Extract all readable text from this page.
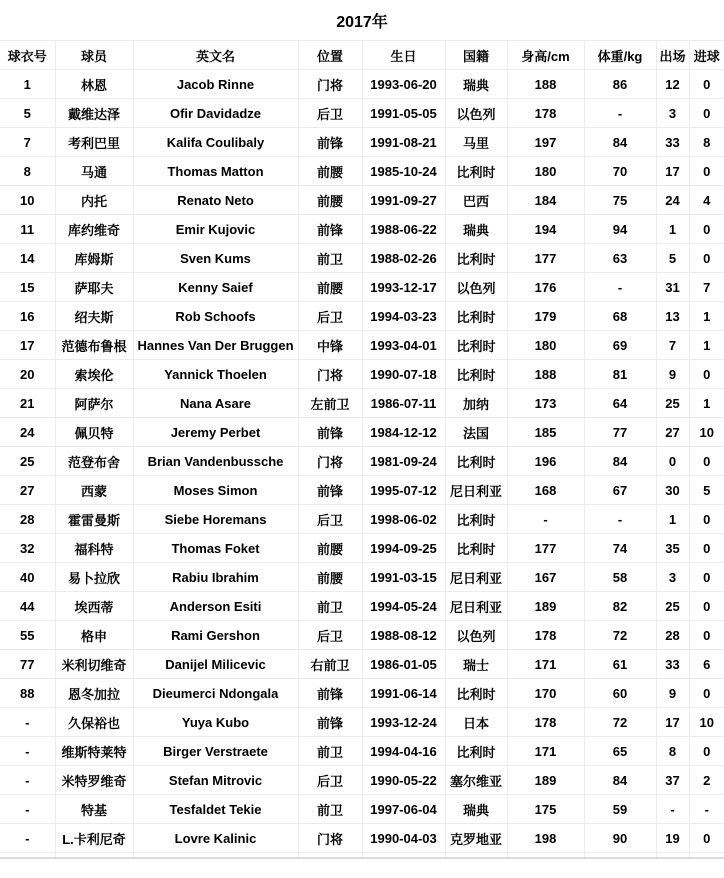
2017年
球衣号	球员	英文名	位置	生日	国籍	身高/cm	体重/kg	出场	进球
1	林恩	Jacob Rinne	门将	1993-06-20	瑞典	188	86	12	0
5	戴维达泽	Ofir Davidadze	后卫	1991-05-05	以色列	178	-	3	0
7	考利巴里	Kalifa Coulibaly	前锋	1991-08-21	马里	197	84	33	8
8	马通	Thomas Matton	前腰	1985-10-24	比利时	180	70	17	0
10	内托	Renato Neto	前腰	1991-09-27	巴西	184	75	24	4
11	库约维奇	Emir Kujovic	前锋	1988-06-22	瑞典	194	94	1	0
14	库姆斯	Sven Kums	前卫	1988-02-26	比利时	177	63	5	0
15	萨耶夫	Kenny Saief	前腰	1993-12-17	以色列	176	-	31	7
16	绍夫斯	Rob Schoofs	后卫	1994-03-23	比利时	179	68	13	1
17	范德布鲁根	Hannes Van Der Bruggen	中锋	1993-04-01	比利时	180	69	7	1
20	索埃伦	Yannick Thoelen	门将	1990-07-18	比利时	188	81	9	0
21	阿萨尔	Nana Asare	左前卫	1986-07-11	加纳	173	64	25	1
24	佩贝特	Jeremy Perbet	前锋	1984-12-12	法国	185	77	27	10
25	范登布舍	Brian Vandenbussche	门将	1981-09-24	比利时	196	84	0	0
27	西蒙	Moses Simon	前锋	1995-07-12	尼日利亚	168	67	30	5
28	霍雷曼斯	Siebe Horemans	后卫	1998-06-02	比利时	-	-	1	0
32	福科特	Thomas Foket	前腰	1994-09-25	比利时	177	74	35	0
40	易卜拉欣	Rabiu Ibrahim	前腰	1991-03-15	尼日利亚	167	58	3	0
44	埃西蒂	Anderson Esiti	前卫	1994-05-24	尼日利亚	189	82	25	0
55	格申	Rami Gershon	后卫	1988-08-12	以色列	178	72	28	0
77	米利切维奇	Danijel Milicevic	右前卫	1986-01-05	瑞士	171	61	33	6
88	恩冬加拉	Dieumerci Ndongala	前锋	1991-06-14	比利时	170	60	9	0
-	久保裕也	Yuya Kubo	前锋	1993-12-24	日本	178	72	17	10
-	维斯特莱特	Birger Verstraete	前卫	1994-04-16	比利时	171	65	8	0
-	米特罗维奇	Stefan Mitrovic	后卫	1990-05-22	塞尔维亚	189	84	37	2
-	特基	Tesfaldet Tekie	前卫	1997-06-04	瑞典	175	59	-	-
-	L.卡利尼奇	Lovre Kalinic	门将	1990-04-03	克罗地亚	198	90	19	0
